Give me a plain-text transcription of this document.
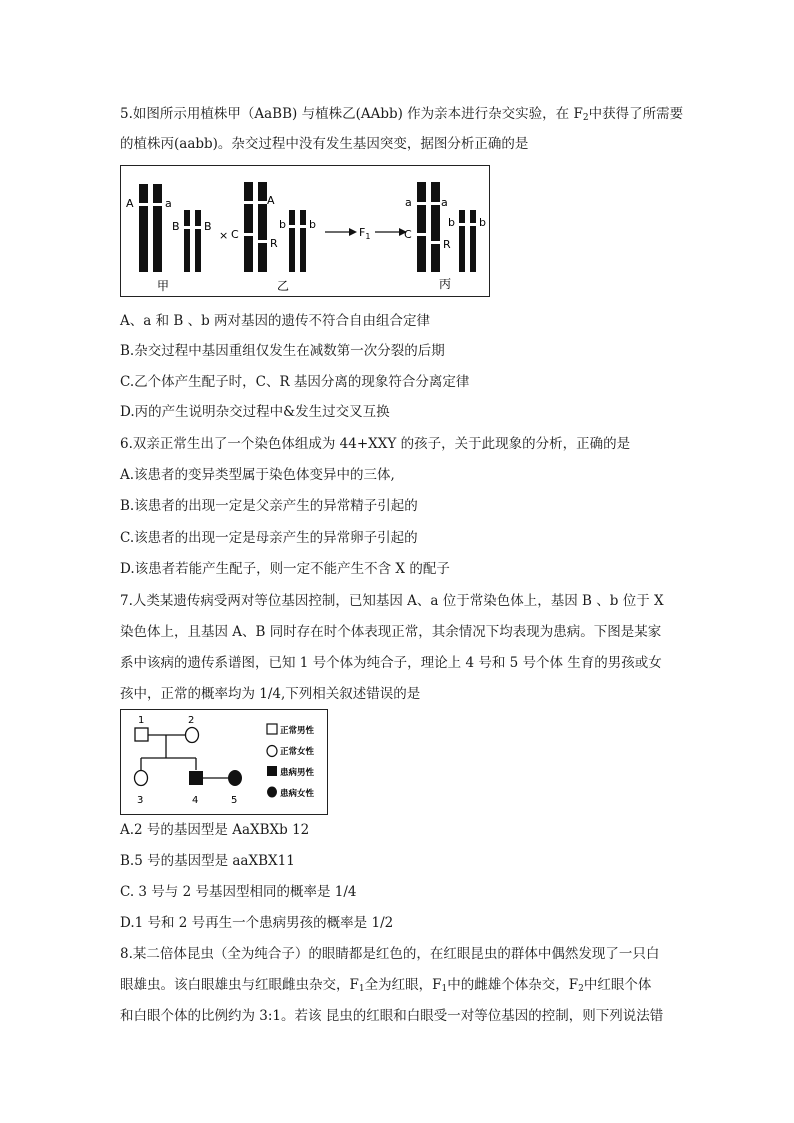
5.如图所示用植株甲（AaBB) 与植株乙(AAbb) 作为亲本进行杂交实验，在 $F_2$中获得了所需要
的植株丙(aabb)。杂交过程中没有发生基因突变，据图分析正确的是
A	a
B B
×
A
C
R
b b
$F_1$
a	a
C
R
b b
甲	乙	丙
A、a 和 B 、b 两对基因的遗传不符合自由组合定律
B.杂交过程中基因重组仅发生在减数第一次分裂的后期
C.乙个体产生配子时，C、R 基因分离的现象符合分离定律
D.丙的产生说明杂交过程中&发生过交叉互换
6.双亲正常生出了一个染色体组成为 44+XXY 的孩子，关于此现象的分析，正确的是
A.该患者的变异类型属于染色体变异中的三体,
B.该患者的出现一定是父亲产生的异常精子引起的
C.该患者的出现一定是母亲产生的异常卵子引起的
D.该患者若能产生配子，则一定不能产生不含 X 的配子
7.人类某遗传病受两对等位基因控制，已知基因 A、a 位于常染色体上，基因 B 、b 位于 X
染色体上，且基因 A、B 同时存在时个体表现正常，其余情况下均表现为患病。下图是某家
系中该病的遗传系谱图，已知 1 号个体为纯合子，理论上 4 号和 5 号个体 生育的男孩或女
孩中，正常的概率均为 1/4,下列相关叙述错误的是
1	2
3	4	5
正常男性
正常女性
患病男性
患病女性
A.2 号的基因型是 AaXBXb 12
B.5 号的基因型是 aaXBX11
C. 3 号与 2 号基因型相同的概率是 1/4
D.1 号和 2 号再生一个患病男孩的概率是 1/2
8.某二倍体昆虫（全为纯合子）的眼睛都是红色的，在红眼昆虫的群体中偶然发现了一只白
眼雄虫。该白眼雄虫与红眼雌虫杂交，$F_1$全为红眼，$F_1$中的雌雄个体杂交，$F_2$中红眼个体
和白眼个体的比例约为 3:1。若该 昆虫的红眼和白眼受一对等位基因的控制，则下列说法错
